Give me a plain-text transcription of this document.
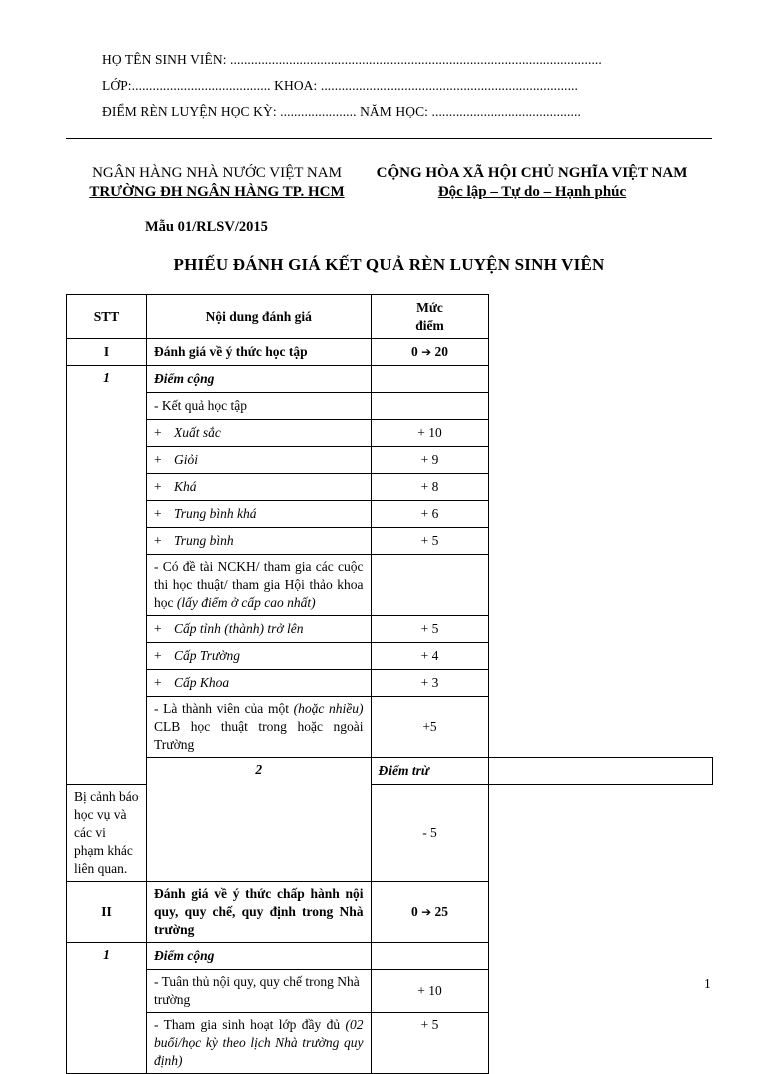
HỌ TÊN SINH VIÊN: ...........................................................................................................
LỚP:........................................ KHOA: ..........................................................................
ĐIỂM RÈN LUYỆN HỌC KỲ: ...................... NĂM HỌC: ...........................................
NGÂN HÀNG NHÀ NƯỚC VIỆT NAM
TRƯỜNG ĐH NGÂN HÀNG TP. HCM
CỘNG HÒA XÃ HỘI CHỦ NGHĨA VIỆT NAM
Độc lập – Tự do – Hạnh phúc
Mẫu 01/RLSV/2015
PHIẾU ĐÁNH GIÁ KẾT QUẢ RÈN LUYỆN SINH VIÊN
STT	Nội dung đánh giá	Mức
điểm	

I	Đánh giá về ý thức học tập	0 ➔ 20	
1	Điểm cộng		
	- Kết quả học tập		
	+ Xuất sắc	+ 10	
	+ Giỏi	+ 9	
	+ Khá	+ 8	
	+ Trung bình khá	+ 6	
	+ Trung bình	+ 5	
	- Có đề tài NCKH/ tham gia các cuộc thi học thuật/ tham gia Hội thảo khoa học (lấy điểm ở cấp cao nhất)		
	+ Cấp tỉnh (thành) trở lên	+ 5	
	+ Cấp Trường	+ 4	
	+ Cấp Khoa	+ 3	
	- Là thành viên của một (hoặc nhiều) CLB học thuật trong hoặc ngoài Trường	+5	
	2	Điểm trừ	
Bị cảnh báo học vụ và các vi phạm khác liên quan.		- 5	
II	Đánh giá về ý thức chấp hành nội quy, quy chế, quy định trong Nhà trường	0 ➔ 25	
1	Điểm cộng		
	- Tuân thủ nội quy, quy chế trong Nhà trường	+ 10	
	- Tham gia sinh hoạt lớp đầy đủ (02 buổi/học kỳ theo lịch Nhà trường quy định)	+ 5	
1
